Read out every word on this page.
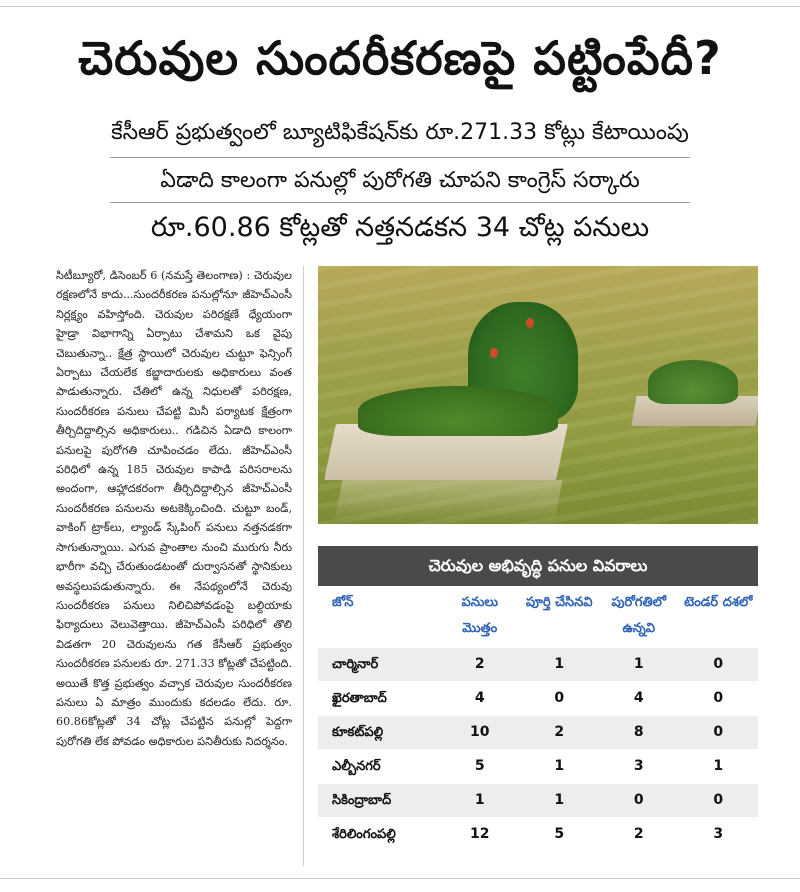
చెరువుల సుందరీకరణపై పట్టింపేదీ?

కేసీఆర్ ప్రభుత్వంలో బ్యూటిఫికేషన్‌కు రూ.271.33 కోట్లు కేటాయింపు

ఏడాది కాలంగా పనుల్లో పురోగతి చూపని కాంగ్రెస్ సర్కారు

రూ.60.86 కోట్లతో నత్తనడకన 34 చోట్ల పనులు

సిటీబ్యూరో, డిసెంబర్ 6 (నమస్తే తెలంగాణ) : చెరువుల రక్షణలోనే కాదు...సుందరీకరణ పనుల్లోనూ జీహెచ్‌ఎంసీ నిర్లక్ష్యం వహిస్తోంది. చెరువుల పరిరక్షణే ధ్యేయంగా హైడ్రా విభాగాన్ని ఏర్పాటు చేశామని ఒక వైపు చెబుతున్నా.. క్షేత్ర స్థాయిలో చెరువుల చుట్టూ ఫెన్సింగ్ ఏర్పాటు చేయలేక కబ్జాదారులకు అధికారులు వంత పాడుతున్నారు. చేతిలో ఉన్న నిధులతో పరిరక్షణ, సుందరీకరణ పనులు చేపట్టి మినీ పర్యాటక క్షేత్రంగా తీర్చిదిద్దాల్సిన అధికారులు.. గడిచిన ఏడాది కాలంగా పనులపై పురోగతి చూపించడం లేదు. జీహెచ్‌ఎంసీ పరిధిలో ఉన్న 185 చెరువుల కాపాడి పరిసరాలను అందంగా, ఆహ్లాదకరంగా తీర్చిదిద్దాల్సిన జీహెచ్‌ఎంసీ సుందరీకరణ పనులను అటకెక్కించింది. చుట్టూ బండ్, వాకింగ్ ట్రాక్‌లు, ల్యాండ్ స్కేపింగ్ పనులు నత్తనడకగా సాగుతున్నాయి. ఎగువ ప్రాంతాల నుంచి మురుగు నీరు భారీగా వచ్చి చేరుతుండటంతో దుర్వాసనతో స్థానికులు అవస్థలుపడుతున్నారు. ఈ నేపథ్యంలోనే చెరువు సుందరీకరణ పనులు నిలిచిపోవడంపై బల్దియాకు ఫిర్యాదులు వెలువెత్తాయి. జీహెచ్‌ఎంసీ పరిధిలో తొలి విడతగా 20 చెరువులను గత కేసీఆర్ ప్రభుత్వం సుందరీకరణ పనులకు రూ. 271.33 కోట్లతో చేపట్టింది. అయితే కొత్త ప్రభుత్వం వచ్చాక చెరువుల సుందరీకరణ పనులు ఏ మాత్రం ముందుకు కదలడం లేదు. రూ. 60.86కోట్లతో 34 చోట్ల చేపట్టిన పనుల్లో పెద్దగా పురోగతి లేక పోవడం అధికారుల పనితీరుకు నిదర్శనం.

చెరువుల అభివృద్ధి పనుల వివరాలు
జోన్	పనులు మొత్తం	పూర్తి చేసినవి	పురోగతిలో ఉన్నవి	టెండర్ దశలో
చార్మినార్	2	1	1	0
ఖైరతాబాద్	4	0	4	0
కూకట్‌పల్లి	10	2	8	0
ఎల్బీనగర్	5	1	3	1
సికింద్రాబాద్	1	1	0	0
శేరిలింగంపల్లి	12	5	2	3
